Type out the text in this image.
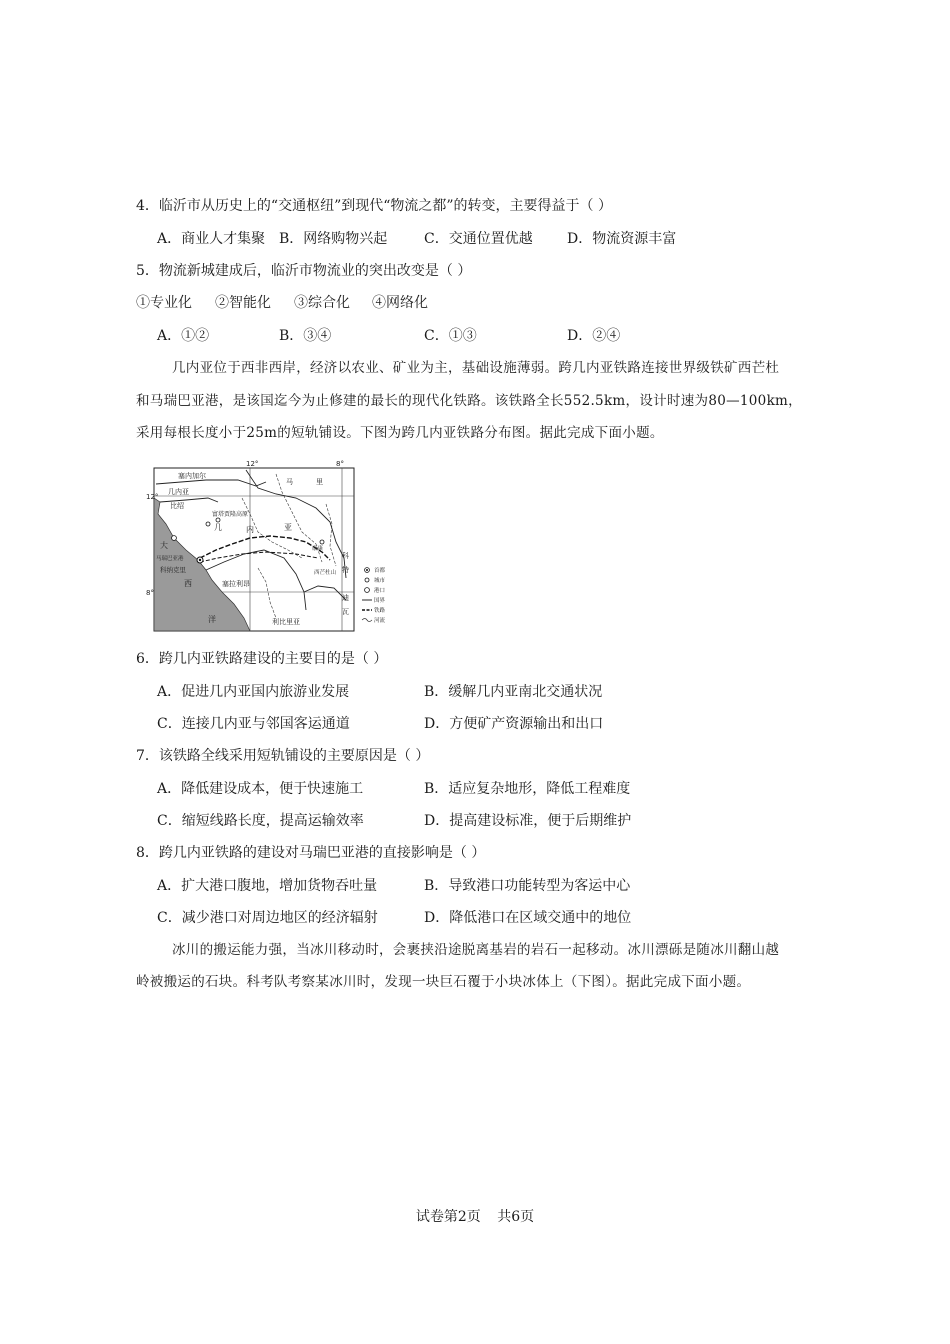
4．临沂市从历史上的“交通枢纽”到现代“物流之都”的转变，主要得益于（ ）
A．商业人才集聚 B．网络购物兴起	C．交通位置优越 D．物流资源丰富
5．物流新城建成后，临沂市物流业的突出改变是（ ）
①专业化 ②智能化 ③综合化 ④网络化
A．①②	B．③④	C．①③	D．②④
几内亚位于西非西岸，经济以农业、矿业为主，基础设施薄弱。跨几内亚铁路连接世界级铁矿西芒杜
和马瑞巴亚港，是该国迄今为止修建的最长的现代化铁路。该铁路全长552.5km，设计时速为80—100km，
采用每根长度小于25m的短轨铺设。下图为跨几内亚铁路分布图。据此完成下面小题。
12°	8°
12°
8°
塞内加尔
马	里
几内亚
比绍
几	内	亚
塞拉利昂
利比里亚
科
特
迪
瓦
大
西
洋
富塔贾隆高原
马瑞巴亚港
科纳克里
康康
西芒杜山	首都
城市
港口
国界
铁路
河流
6．跨几内亚铁路建设的主要目的是（ ）
A．促进几内亚国内旅游业发展	B．缓解几内亚南北交通状况
C．连接几内亚与邻国客运通道	D．方便矿产资源输出和出口
7．该铁路全线采用短轨铺设的主要原因是（ ）
A．降低建设成本，便于快速施工	B．适应复杂地形，降低工程难度
C．缩短线路长度，提高运输效率	D．提高建设标准，便于后期维护
8．跨几内亚铁路的建设对马瑞巴亚港的直接影响是（ ）
A．扩大港口腹地，增加货物吞吐量	B．导致港口功能转型为客运中心
C．减少港口对周边地区的经济辐射	D．降低港口在区域交通中的地位
冰川的搬运能力强，当冰川移动时，会裹挟沿途脱离基岩的岩石一起移动。冰川漂砾是随冰川翻山越
岭被搬运的石块。科考队考察某冰川时，发现一块巨石覆于小块冰体上（下图）。据此完成下面小题。
试卷第2页 共6页
